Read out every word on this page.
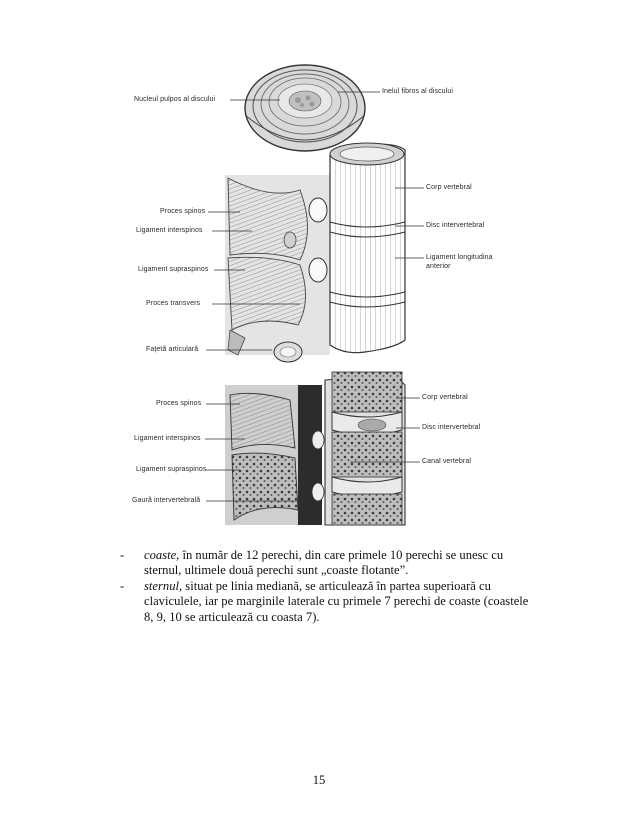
Nucleul pulpos al discului
Inelul fibros al discului
Corp vertebral
Disc intervertebral
Ligament longitudina
anterior
Proces spinos
Ligament interspinos
Ligament supraspinos
Proces transvers
Fațetă articulară
Proces spinos
Ligament interspinos
Ligament supraspinos
Gaură intervertebrală
Corp vertebral
Disc intervertebral
Canal vertebral
- coaste, în număr de 12 perechi, din care primele 10 perechi se unesc cu
sternul, ultimele două perechi sunt „coaste flotante”.
- sternul, situat pe linia mediană, se articulează în partea superioară cu
claviculele, iar pe marginile laterale cu primele 7 perechi de coaste (coastele
8, 9, 10 se articulează cu coasta 7).
15
